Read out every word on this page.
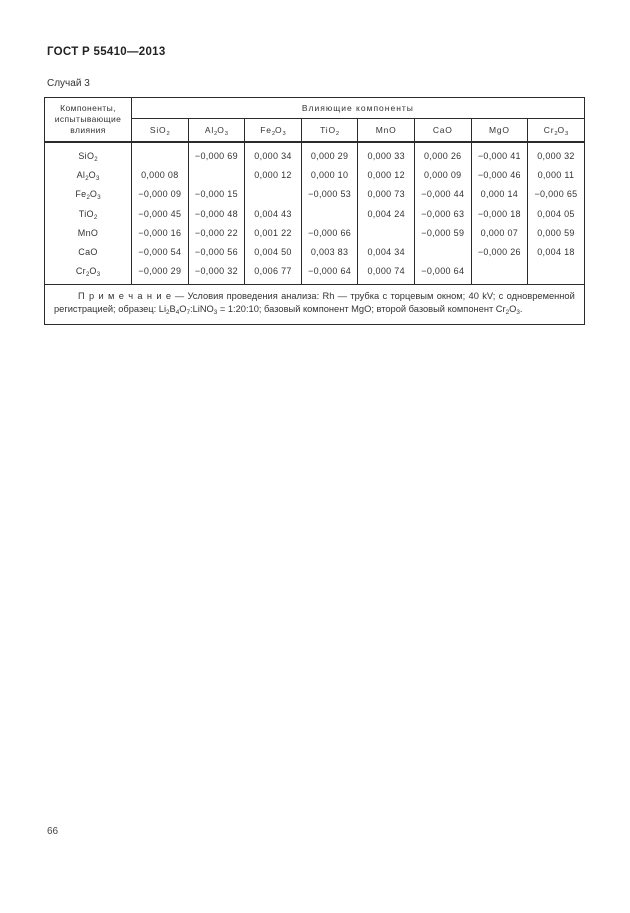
ГОСТ Р 55410—2013
Случай 3
Компоненты, испытывающие влияния	Влияющие компоненты							
	SiO$_2$	$Al_2O_3$	$Fe_2O_3$	TiO$_2$	MnO	CaO	MgO	$Cr_2O_3$
SiO$_2$		−0,000 69	0,000 34	0,000 29	0,000 33	0,000 26	−0,000 41	0,000 32
$Al_2O_3$	0,000 08		0,000 12	0,000 10	0,000 12	0,000 09	−0,000 46	0,000 11
$Fe_2O_3$	−0,000 09	−0,000 15		−0,000 53	0,000 73	−0,000 44	0,000 14	−0,000 65
TiO$_2$	−0,000 45	−0,000 48	0,004 43		0,004 24	−0,000 63	−0,000 18	0,004 05
MnO	−0,000 16	−0,000 22	0,001 22	−0,000 66		−0,000 59	0,000 07	0,000 59
CaO	−0,000 54	−0,000 56	0,004 50	0,003 83	0,004 34		−0,000 26	0,004 18
$Cr_2O_3$	−0,000 29	−0,000 32	0,006 77	−0,000 64	0,000 74	−0,000 64		

П р и м е ч а н и е — Условия проведения анализа: Rh — трубка с торцевым окном; 40 kV; с одновременной регистрацией; образец: $Li_2B_4O_7:LiNO_3$ = 1:20:10; базовый компонент MgO; второй базовый компонент $Cr_2O_3$.								

66
